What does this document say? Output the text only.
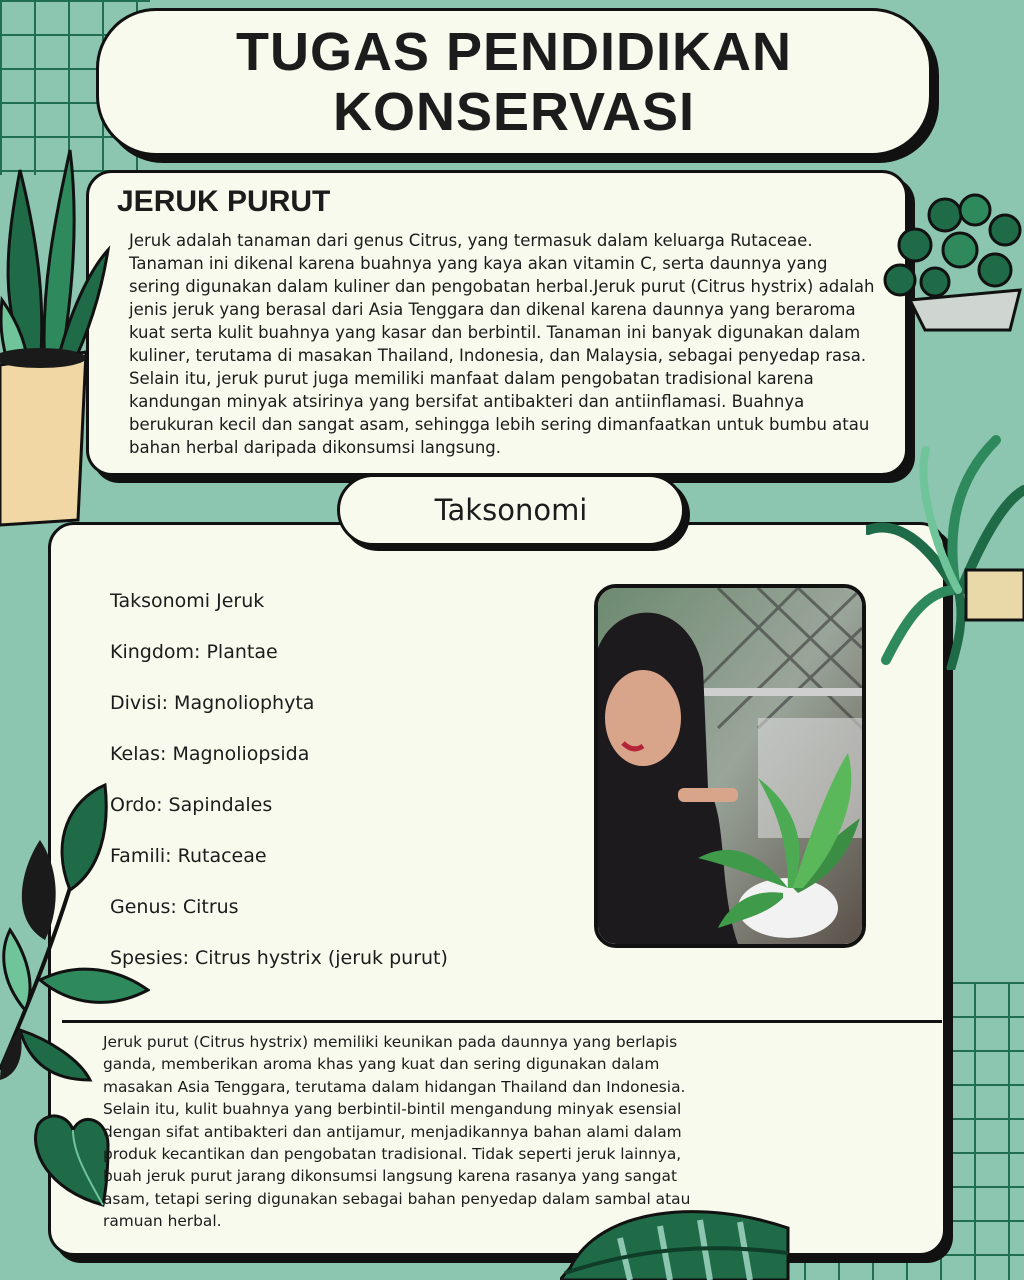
TUGAS PENDIDIKAN KONSERVASI
JERUK PURUT

Jeruk adalah tanaman dari genus Citrus, yang termasuk dalam keluarga Rutaceae. Tanaman ini dikenal karena buahnya yang kaya akan vitamin C, serta daunnya yang sering digunakan dalam kuliner dan pengobatan herbal.Jeruk purut (Citrus hystrix) adalah jenis jeruk yang berasal dari Asia Tenggara dan dikenal karena daunnya yang beraroma kuat serta kulit buahnya yang kasar dan berbintil. Tanaman ini banyak digunakan dalam kuliner, terutama di masakan Thailand, Indonesia, dan Malaysia, sebagai penyedap rasa. Selain itu, jeruk purut juga memiliki manfaat dalam pengobatan tradisional karena kandungan minyak atsirinya yang bersifat antibakteri dan antiinflamasi. Buahnya berukuran kecil dan sangat asam, sehingga lebih sering dimanfaatkan untuk bumbu atau bahan herbal daripada dikonsumsi langsung.

Taksonomi
Taksonomi Jeruk
Kingdom: Plantae
Divisi: Magnoliophyta
Kelas: Magnoliopsida
Ordo: Sapindales
Famili: Rutaceae
Genus: Citrus
Spesies: Citrus hystrix (jeruk purut)

Jeruk purut (Citrus hystrix) memiliki keunikan pada daunnya yang berlapis ganda, memberikan aroma khas yang kuat dan sering digunakan dalam masakan Asia Tenggara, terutama dalam hidangan Thailand dan Indonesia. Selain itu, kulit buahnya yang berbintil-bintil mengandung minyak esensial dengan sifat antibakteri dan antijamur, menjadikannya bahan alami dalam produk kecantikan dan pengobatan tradisional. Tidak seperti jeruk lainnya, buah jeruk purut jarang dikonsumsi langsung karena rasanya yang sangat asam, tetapi sering digunakan sebagai bahan penyedap dalam sambal atau ramuan herbal.
